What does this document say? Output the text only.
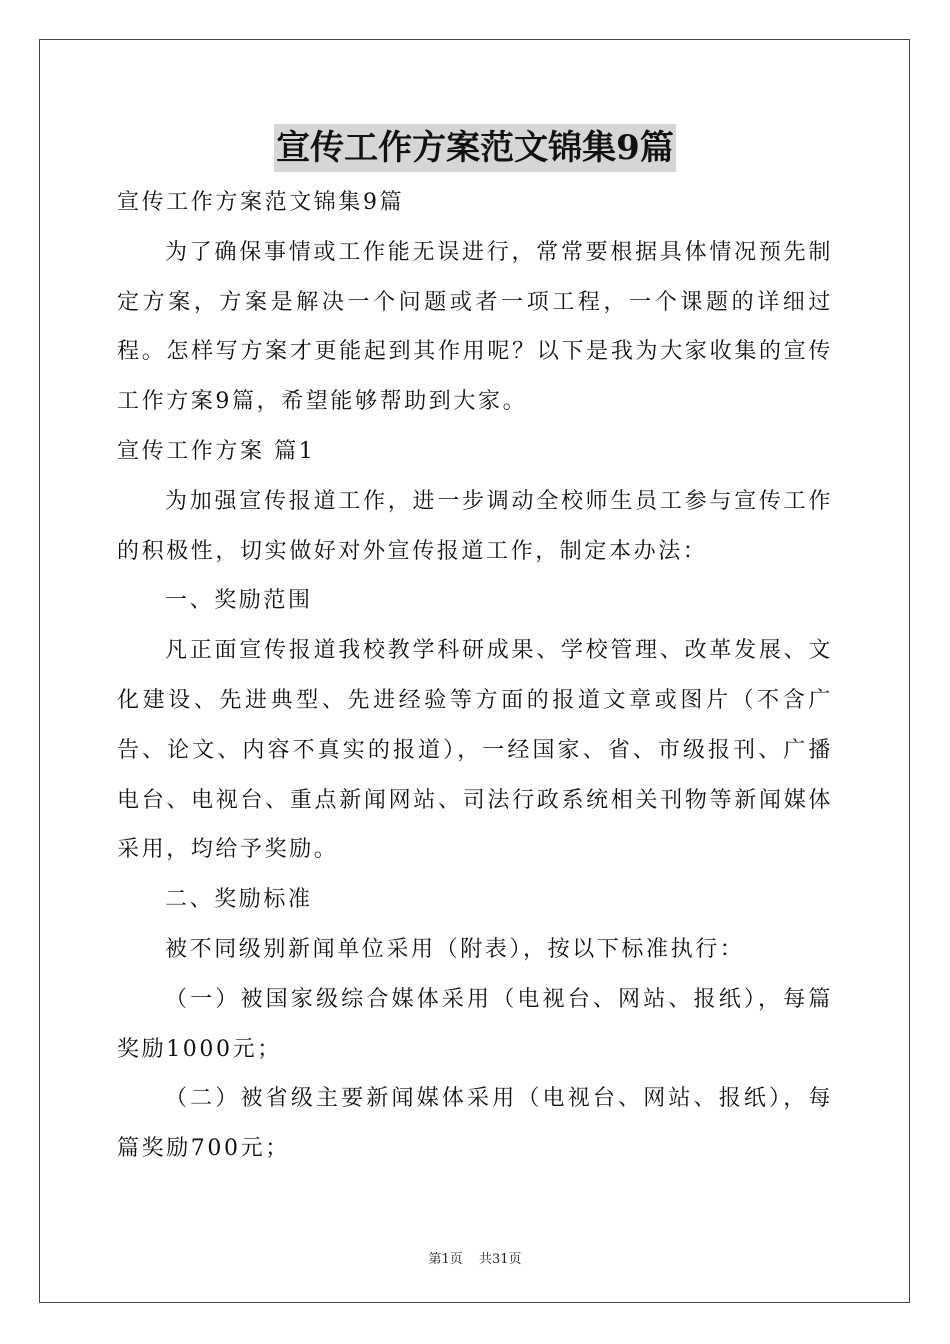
宣传工作方案范文锦集9篇

宣传工作方案范文锦集9篇

为了确保事情或工作能无误进行，常常要根据具体情况预先制定方案，方案是解决一个问题或者一项工程，一个课题的详细过程。怎样写方案才更能起到其作用呢？以下是我为大家收集的宣传工作方案9篇，希望能够帮助到大家。

宣传工作方案 篇1

为加强宣传报道工作，进一步调动全校师生员工参与宣传工作的积极性，切实做好对外宣传报道工作，制定本办法：

一、奖励范围

凡正面宣传报道我校教学科研成果、学校管理、改革发展、文化建设、先进典型、先进经验等方面的报道文章或图片（不含广告、论文、内容不真实的报道），一经国家、省、市级报刊、广播电台、电视台、重点新闻网站、司法行政系统相关刊物等新闻媒体采用，均给予奖励。

二、奖励标准

被不同级别新闻单位采用（附表），按以下标准执行：

（一）被国家级综合媒体采用（电视台、网站、报纸），每篇奖励1000元；

（二）被省级主要新闻媒体采用（电视台、网站、报纸），每篇奖励700元；

第1页 共31页
